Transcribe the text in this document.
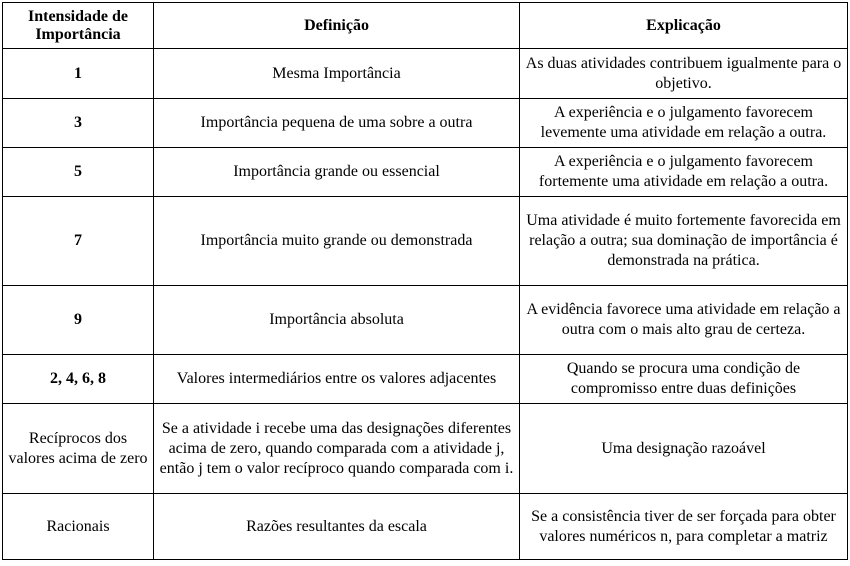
Intensidade de Importância	Definição	Explicação
1	Mesma Importância	As duas atividades contribuem igualmente para o objetivo.
3	Importância pequena de uma sobre a outra	A experiência e o julgamento favorecem levemente uma atividade em relação a outra.
5	Importância grande ou essencial	A experiência e o julgamento favorecem fortemente uma atividade em relação a outra.
7	Importância muito grande ou demonstrada	Uma atividade é muito fortemente favorecida em relação a outra; sua dominação de importância é demonstrada na prática.
9	Importância absoluta	A evidência favorece uma atividade em relação a outra com o mais alto grau de certeza.
2, 4, 6, 8	Valores intermediários entre os valores adjacentes	Quando se procura uma condição de compromisso entre duas definições
Recíprocos dos valores acima de zero	Se a atividade i recebe uma das designações diferentes acima de zero, quando comparada com a atividade j, então j tem o valor recíproco quando comparada com i.	Uma designação razoável
Racionais	Razões resultantes da escala	Se a consistência tiver de ser forçada para obter valores numéricos n, para completar a matriz
